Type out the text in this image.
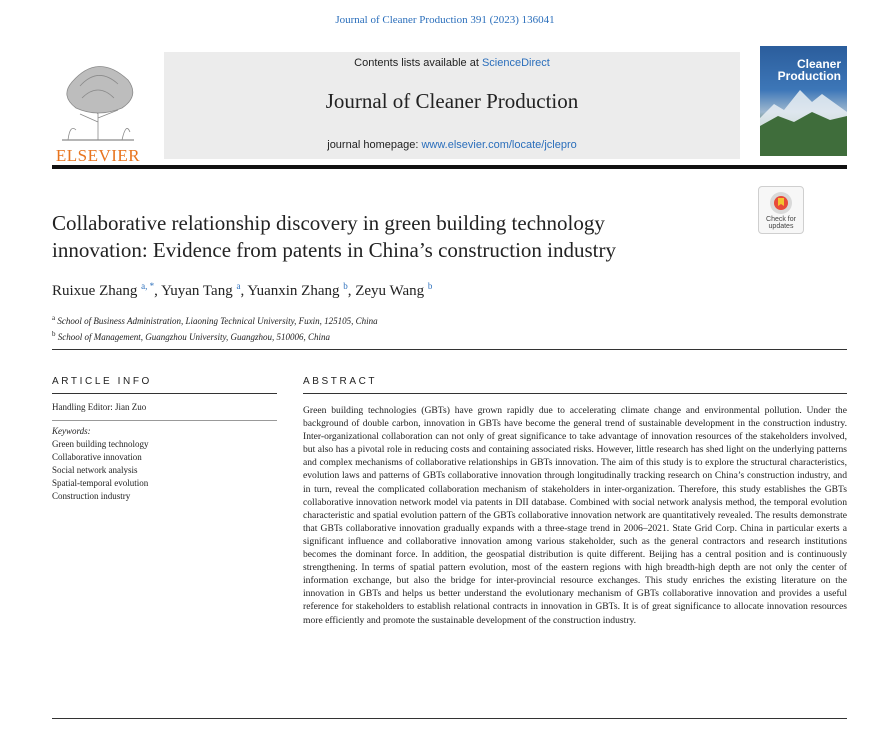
Journal of Cleaner Production 391 (2023) 136041
ELSEVIER
Contents lists available at ScienceDirect
Journal of Cleaner Production
journal homepage: www.elsevier.com/locate/jclepro
Cleaner
Production
Check for
updates
Collaborative relationship discovery in green building technology
innovation: Evidence from patents in China’s construction industry
Ruixue Zhang $^{a, *}$, Yuyan Tang $^a$, Yuanxin Zhang $^b$, Zeyu Wang $^b$
$^a$ School of Business Administration, Liaoning Technical University, Fuxin, 125105, China
$^b$ School of Management, Guangzhou University, Guangzhou, 510006, China
ARTICLE INFO	ABSTRACT
Handling Editor: Jian Zuo
Keywords:
Green building technology
Collaborative innovation
Social network analysis
Spatial-temporal evolution
Construction industry
Green building technologies (GBTs) have grown rapidly due to accelerating climate change and environmental pollution. Under the background of double carbon, innovation in GBTs have become the general trend of sustainable development in the construction industry. Inter-organizational collaboration can not only of great significance to take advantage of innovation resources of the stakeholders involved, but also has a pivotal role in reducing costs and containing associated risks. However, little research has shed light on the underlying patterns and complex mechanisms of collaborative relationships in GBTs innovation. The aim of this study is to explore the structural characteristics, evolution laws and patterns of GBTs collaborative innovation through longitudinally tracking research on China’s construction industry, and in turn, reveal the complicated collaboration mechanism of stakeholders in inter-organization. Therefore, this study establishes the GBTs collaborative innovation network model via patents in DII database. Combined with social network analysis method, the temporal evolution characteristic and spatial evolution pattern of the GBTs collaborative innovation network are quantitatively revealed. The results demonstrate that GBTs collaborative innovation gradually expands with a three-stage trend in 2006–2021. State Grid Corp. China in particular exerts a significant influence and collaborative innovation among various stakeholder, such as the general contractors and research institutions becomes the dominant force. In addition, the geospatial distribution is quite different. Beijing has a central position and is continuously strengthening. In terms of spatial pattern evolution, most of the eastern regions with high breadth-high depth are not only the center of information exchange, but also the bridge for inter-provincial resource exchanges. This study enriches the existing literature on the innovation in GBTs and helps us better understand the evolutionary mechanism of GBTs collaborative innovation and provides a useful reference for stakeholders to establish relational contracts in innovation in GBTs. It is of great significance to allocate innovation resources more efficiently and promote the sustainable development of the construction industry.
